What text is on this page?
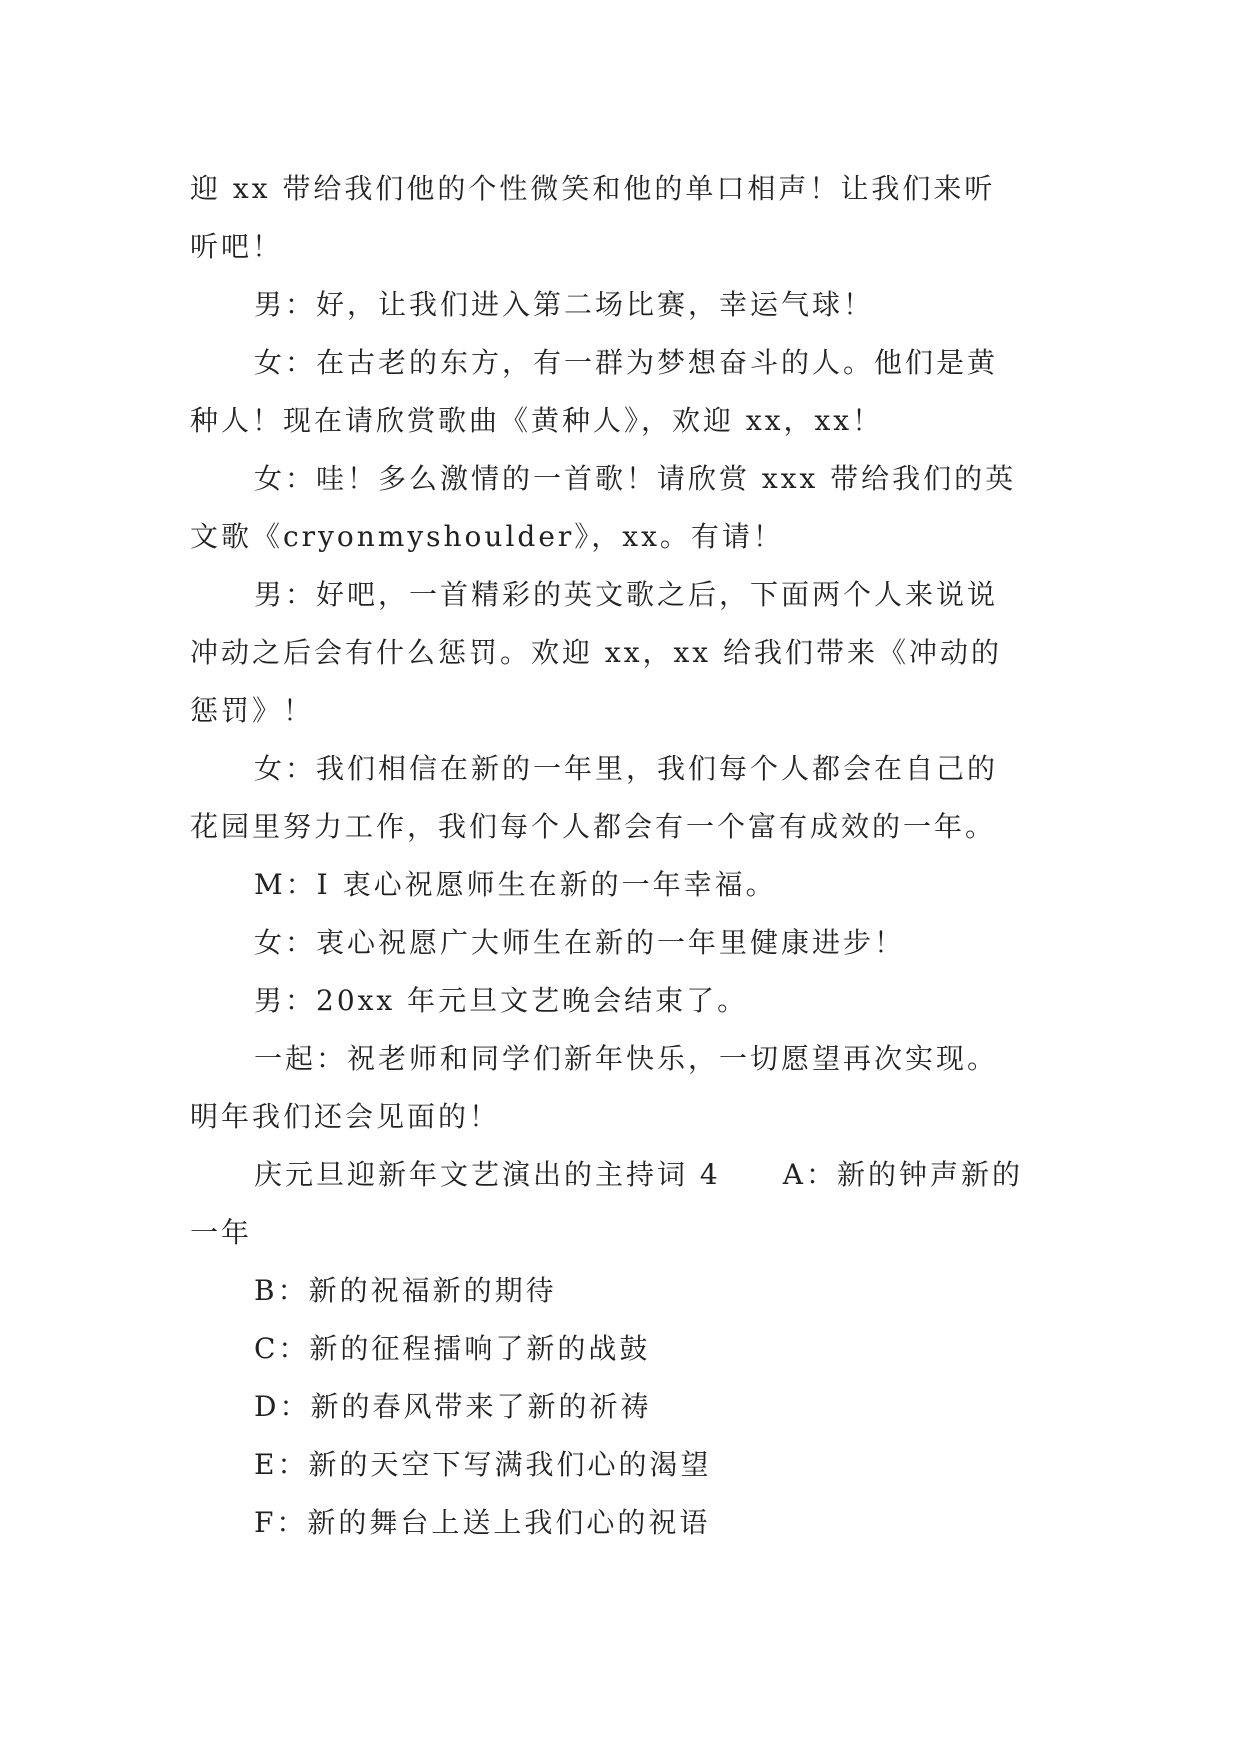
迎 xx 带给我们他的个性微笑和他的单口相声！让我们来听
听吧！
男：好，让我们进入第二场比赛，幸运气球！
女：在古老的东方，有一群为梦想奋斗的人。他们是黄
种人！现在请欣赏歌曲《黄种人》，欢迎 xx，xx！
女：哇！多么激情的一首歌！请欣赏 xxx 带给我们的英
文歌《cryonmyshoulder》，xx。有请！
男：好吧，一首精彩的英文歌之后，下面两个人来说说
冲动之后会有什么惩罚。欢迎 xx，xx 给我们带来《冲动的
惩罚》！
女：我们相信在新的一年里，我们每个人都会在自己的
花园里努力工作，我们每个人都会有一个富有成效的一年。
M：I 衷心祝愿师生在新的一年幸福。
女：衷心祝愿广大师生在新的一年里健康进步！
男：20xx 年元旦文艺晚会结束了。
一起：祝老师和同学们新年快乐，一切愿望再次实现。
明年我们还会见面的！
庆元旦迎新年文艺演出的主持词 4　　A：新的钟声新的
一年
B：新的祝福新的期待
C：新的征程擂响了新的战鼓
D：新的春风带来了新的祈祷
E：新的天空下写满我们心的渴望
F：新的舞台上送上我们心的祝语
